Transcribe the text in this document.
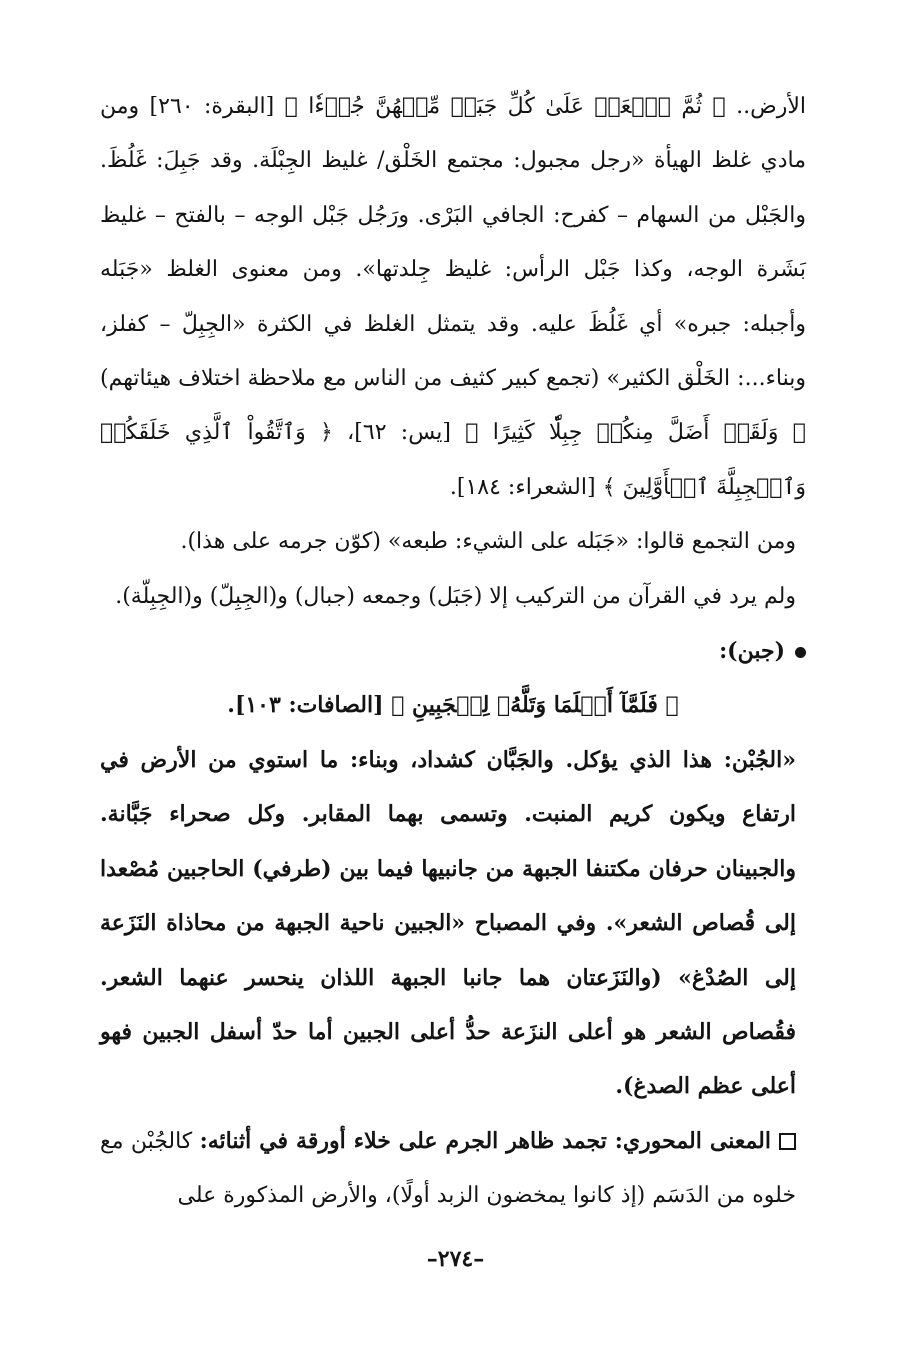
الأرض.. ﴿ ثُمَّ ٱجۡعَلۡ عَلَىٰ كُلِّ جَبَلٖ مِّنۡهُنَّ جُزۡءٗا ﴾ [البقرة: ٢٦٠] ومن مادي غلظ الهيأة «رجل مجبول: مجتمع الخَلْق/ غليظ الجِبْلَة. وقد جَبِلَ: غَلُظَ. والجَبْل من السهام – كفرح: الجافي البَرْى. ورَجُل جَبْل الوجه – بالفتح – غليظ بَشَرة الوجه، وكذا جَبْل الرأس: غليظ جِلدتها». ومن معنوى الغلظ «جَبَله وأجبله: جبره» أي غَلُظَ عليه. وقد يتمثل الغلظ في الكثرة «الجِبِلّ – كفلز، وبناء...: الخَلْق الكثير» (تجمع كبير كثيف من الناس مع ملاحظة اختلاف هيئاتهم) ﴿ وَلَقَدۡ أَضَلَّ مِنكُمۡ جِبِلّٗا كَثِيرًا ﴾ [يس: ٦٢]، ﴿ وَٱتَّقُواْ ٱلَّذِي خَلَقَكُمۡ وَٱلۡجِبِلَّةَ ٱلۡأَوَّلِينَ ﴾ [الشعراء: ١٨٤].

ومن التجمع قالوا: «جَبَله على الشيء: طبعه» (كوّن جرمه على هذا).

ولم يرد في القرآن من التركيب إلا (جَبَل) وجمعه (جبال) و(الجِبِلّ) و(الجِبِلّة).

(جبن):

﴿ فَلَمَّآ أَسۡلَمَا وَتَلَّهُۥ لِلۡجَبِينِ ﴾ [الصافات: ١٠٣].

«الجُبْن: هذا الذي يؤكل. والجَبَّان كشداد، وبناء: ما استوي من الأرض في ارتفاع ويكون كريم المنبت. وتسمى بهما المقابر. وكل صحراء جَبَّانة. والجبينان حرفان مكتنفا الجبهة من جانبيها فيما بين (طرفي) الحاجبين مُصْعدا إلى قُصاص الشعر». وفي المصباح «الجبين ناحية الجبهة من محاذاة النَزَعة إلى الصُدْغ» (والنَزَعتان هما جانبا الجبهة اللذان ينحسر عنهما الشعر. فقُصاص الشعر هو أعلى النزَعة حدُّ أعلى الجبين أما حدّ أسفل الجبين فهو أعلى عظم الصدغ).

المعنى المحوري: تجمد ظاهر الجرم على خلاء أورقة في أثنائه: كالجُبْن مع خلوه من الدَسَم (إذ كانوا يمخضون الزبد أولًا)، والأرض المذكورة على

–٢٧٤–
